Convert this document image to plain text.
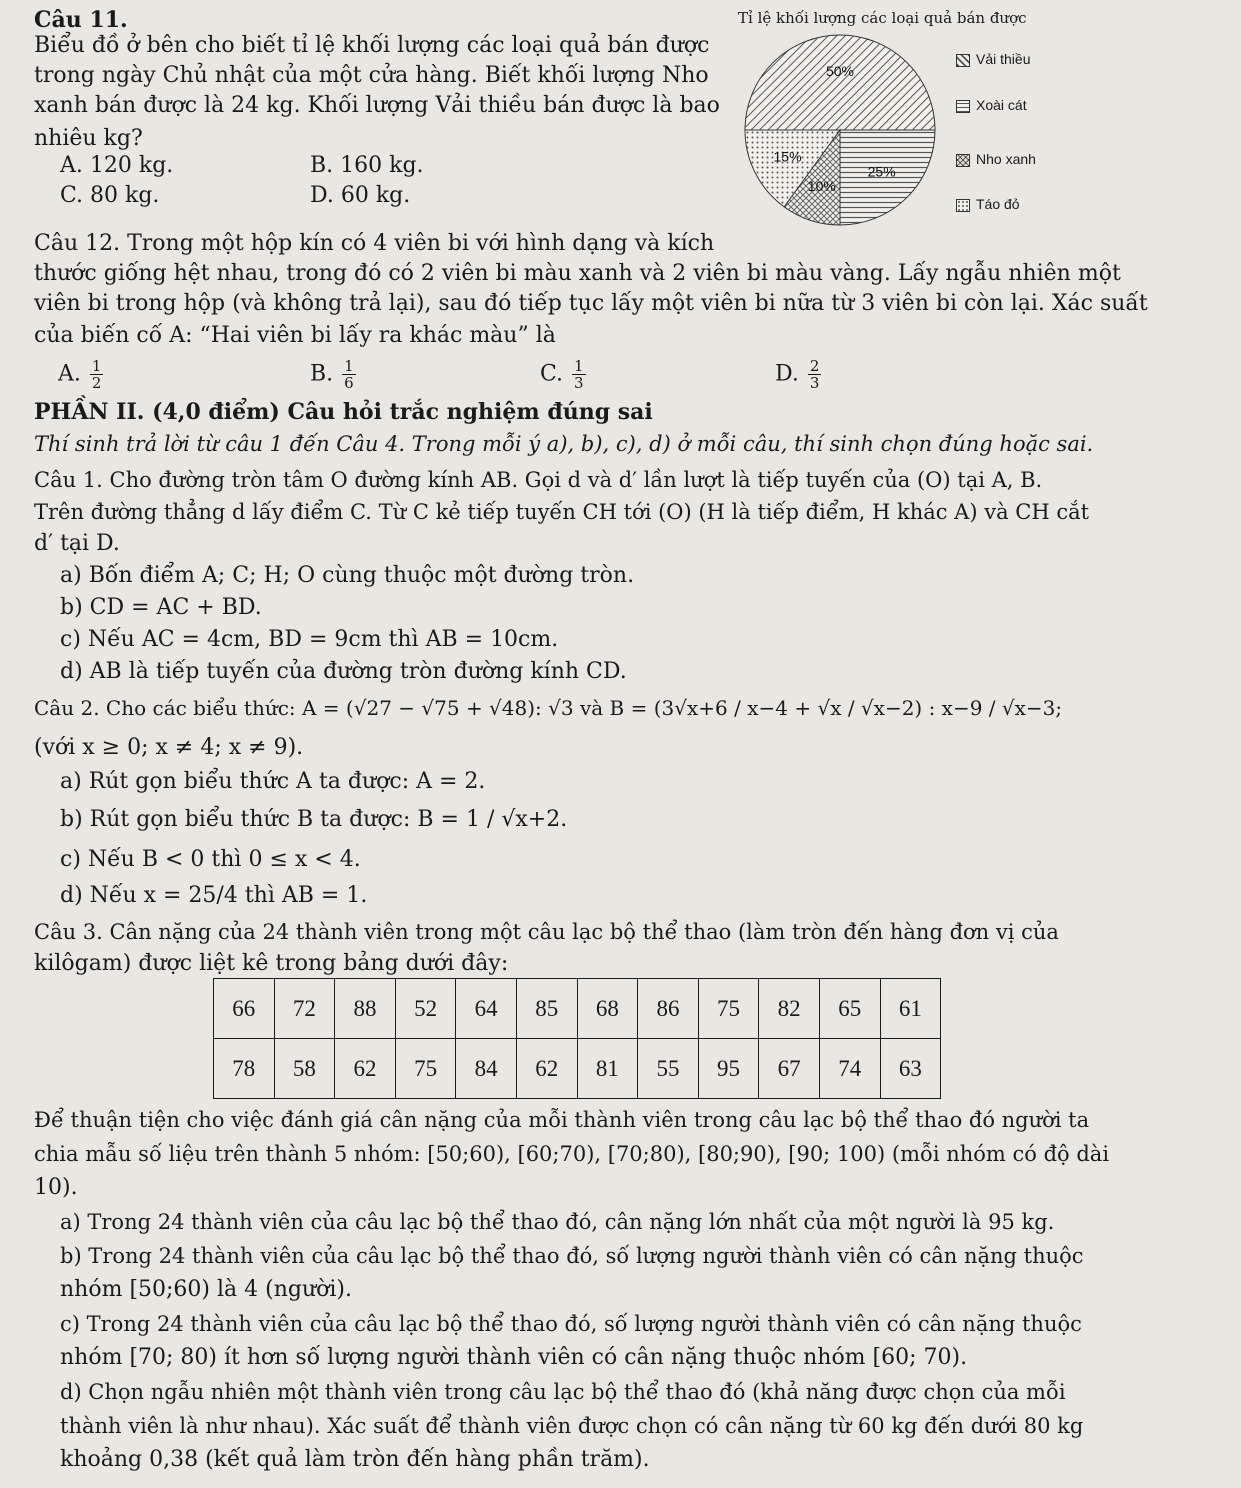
Câu 11.
Biểu đồ ở bên cho biết tỉ lệ khối lượng các loại quả bán được
trong ngày Chủ nhật của một cửa hàng. Biết khối lượng Nho
xanh bán được là 24 kg. Khối lượng Vải thiều bán được là bao
nhiêu kg?
A. 120 kg.	B. 160 kg.
C. 80 kg.	D. 60 kg.
Tỉ lệ khối lượng các loại quả bán được
50%
25%
10%
15%
Vải thiều
Xoài cát
Nho xanh
Táo đỏ
Câu 12. Trong một hộp kín có 4 viên bi với hình dạng và kích
thước giống hệt nhau, trong đó có 2 viên bi màu xanh và 2 viên bi màu vàng. Lấy ngẫu nhiên một
viên bi trong hộp (và không trả lại), sau đó tiếp tục lấy một viên bi nữa từ 3 viên bi còn lại. Xác suất
của biến cố A: “Hai viên bi lấy ra khác màu” là
A. $\frac{1}{2}$	B. $\frac{1}{6}$	C. $\frac{1}{3}$	D. $\frac{2}{3}$
PHẦN II. (4,0 điểm) Câu hỏi trắc nghiệm đúng sai
Thí sinh trả lời từ câu 1 đến Câu 4. Trong mỗi ý a), b), c), d) ở mỗi câu, thí sinh chọn đúng hoặc sai.
Câu 1. Cho đường tròn tâm O đường kính AB. Gọi d và d′ lần lượt là tiếp tuyến của (O) tại A, B.
Trên đường thẳng d lấy điểm C. Từ C kẻ tiếp tuyến CH tới (O) (H là tiếp điểm, H khác A) và CH cắt
d′ tại D.
a) Bốn điểm A; C; H; O cùng thuộc một đường tròn.
b) CD = AC + BD.
c) Nếu AC = 4cm, BD = 9cm thì AB = 10cm.
d) AB là tiếp tuyến của đường tròn đường kính CD.
Câu 2. Cho các biểu thức: A = (√27 − √75 + √48): √3 và B = (3√x+6 / x−4 + √x / √x−2) : x−9 / √x−3;
(với x ≥ 0; x ≠ 4; x ≠ 9).
a) Rút gọn biểu thức A ta được: A = 2.
b) Rút gọn biểu thức B ta được: B = 1 / √x+2.
c) Nếu B < 0 thì 0 ≤ x < 4.
d) Nếu x = 25/4 thì AB = 1.
Câu 3. Cân nặng của 24 thành viên trong một câu lạc bộ thể thao (làm tròn đến hàng đơn vị của
kilôgam) được liệt kê trong bảng dưới đây:
66	72	88	52	64	85	68	86	75	82	65	61
78	58	62	75	84	62	81	55	95	67	74	63
Để thuận tiện cho việc đánh giá cân nặng của mỗi thành viên trong câu lạc bộ thể thao đó người ta
chia mẫu số liệu trên thành 5 nhóm: [50;60), [60;70), [70;80), [80;90), [90; 100) (mỗi nhóm có độ dài
10).
a) Trong 24 thành viên của câu lạc bộ thể thao đó, cân nặng lớn nhất của một người là 95 kg.
b) Trong 24 thành viên của câu lạc bộ thể thao đó, số lượng người thành viên có cân nặng thuộc
nhóm [50;60) là 4 (người).
c) Trong 24 thành viên của câu lạc bộ thể thao đó, số lượng người thành viên có cân nặng thuộc
nhóm [70; 80) ít hơn số lượng người thành viên có cân nặng thuộc nhóm [60; 70).
d) Chọn ngẫu nhiên một thành viên trong câu lạc bộ thể thao đó (khả năng được chọn của mỗi
thành viên là như nhau). Xác suất để thành viên được chọn có cân nặng từ 60 kg đến dưới 80 kg
khoảng 0,38 (kết quả làm tròn đến hàng phần trăm).
